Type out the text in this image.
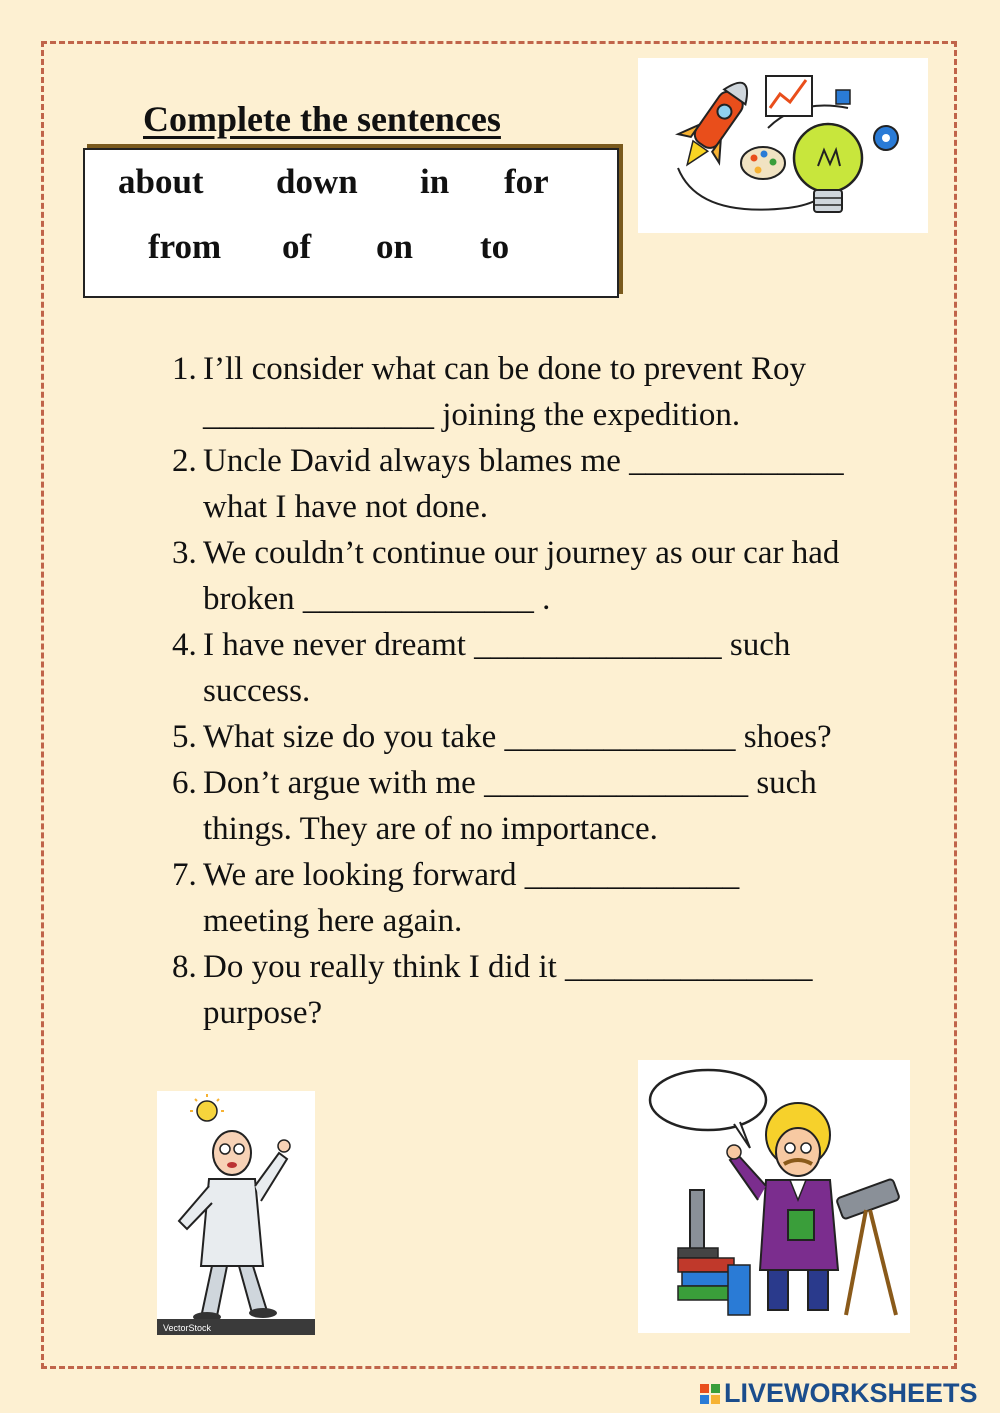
Complete the sentences
about down in for
from of on to
1. I’ll consider what can be done to prevent Roy
______________ joining the expedition.
2. Uncle David always blames me _____________
what I have not done.
3. We couldn’t continue our journey as our car had
broken ______________ .
4. I have never dreamt _______________ such
success.
5. What size do you take ______________ shoes?
6. Don’t argue with me ________________ such
things. They are of no importance.
7. We are looking forward _____________
meeting here again.
8. Do you really think I did it _______________
purpose?
VectorStock
LIVEWORKSHEETS
